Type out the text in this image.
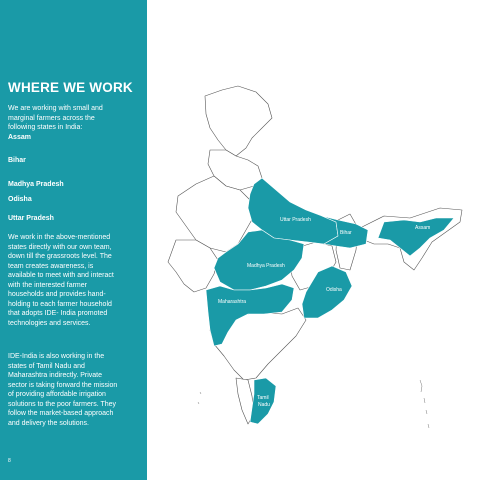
WHERE WE WORK
We are working with small and marginal farmers across the following states in India:
Assam
Bihar
Madhya Pradesh
Odisha
Uttar Pradesh
We work in the above-mentioned states directly with our own team, down till the grassroots level. The team creates awareness, is available to meet with and interact with the interested farmer households and provides hand-holding to each farmer household that adopts IDE- India promoted technologies and services.
IDE-India is also working in the states of Tamil Nadu and Maharashtra indirectly. Private sector is taking forward the mission of providing affordable irrigation solutions to the poor farmers. They follow the market-based approach and delivery the solutions.
8
Uttar Pradesh
Bihar
Assam
Madhya Pradesh
Odisha
Maharashtra
Tamil
Nadu
